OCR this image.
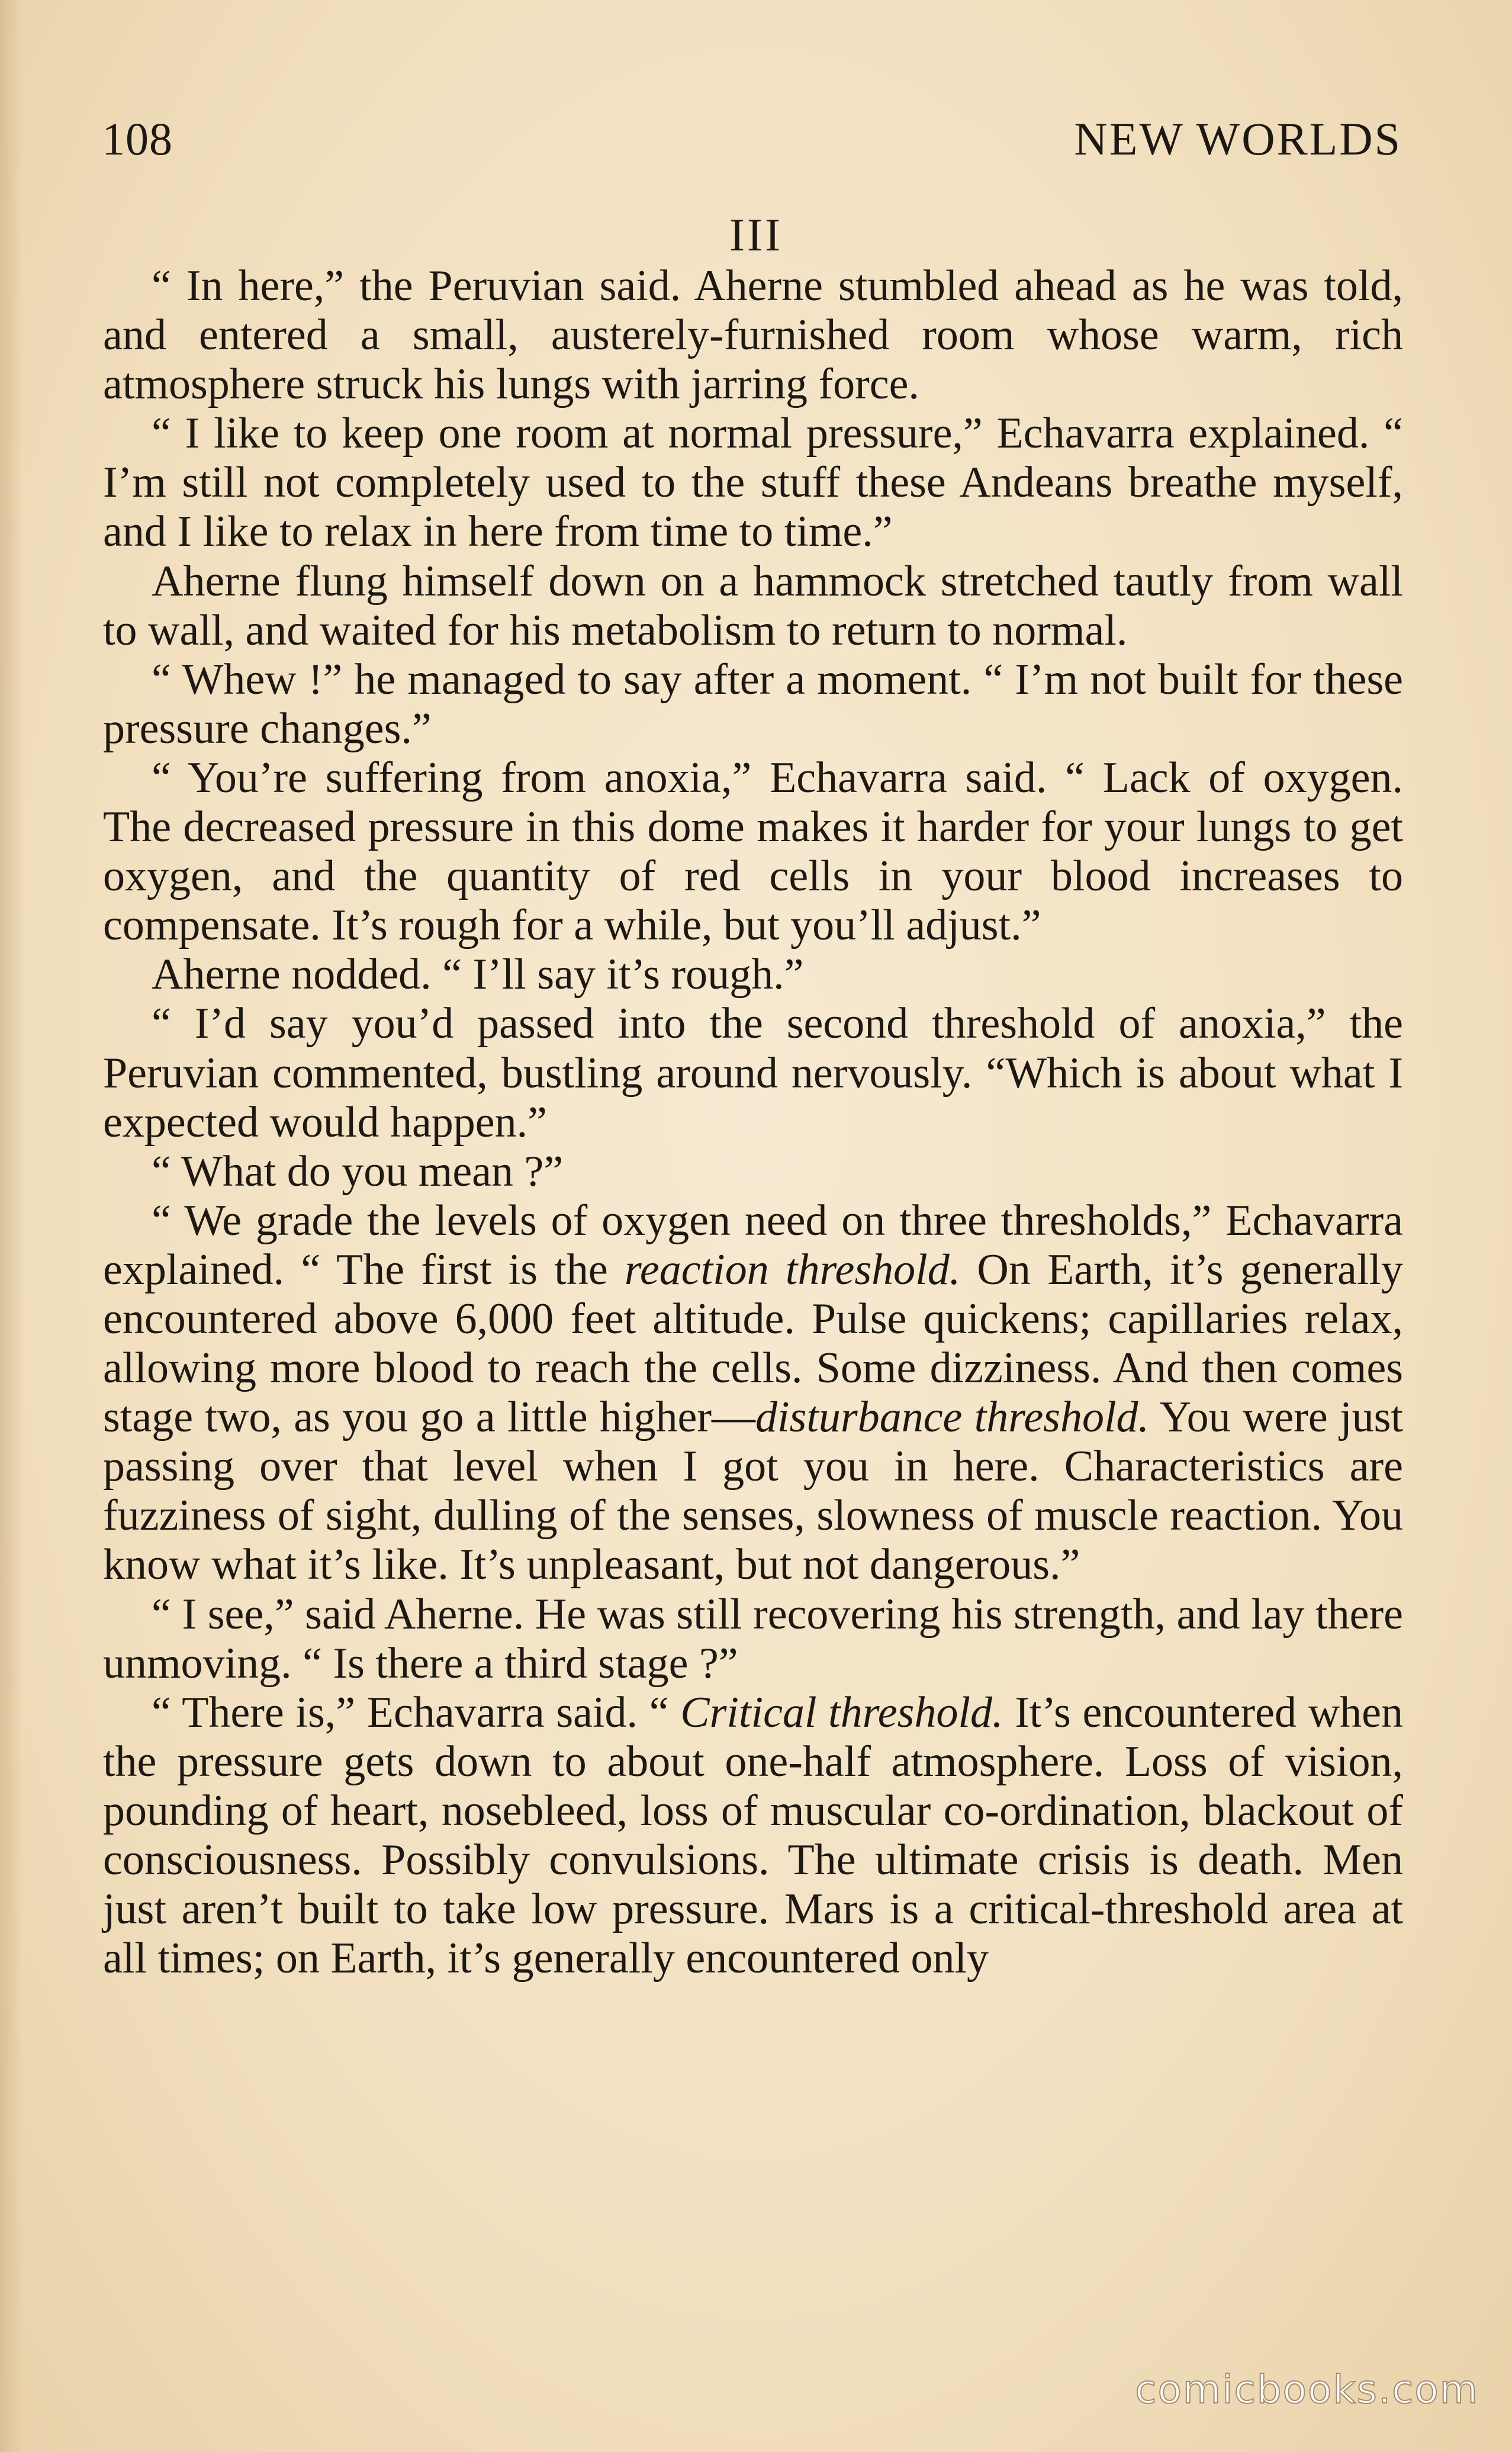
108	NEW WORLDS
III

“ In here,” the Peruvian said. Aherne stumbled ahead as he was told, and entered a small, austerely-furnished room whose warm, rich atmosphere struck his lungs with jarring force.

“ I like to keep one room at normal pressure,” Echavarra explained. “ I’m still not completely used to the stuff these Andeans breathe myself, and I like to relax in here from time to time.”

Aherne flung himself down on a hammock stretched tautly from wall to wall, and waited for his metabolism to return to normal.

“ Whew !” he managed to say after a moment. “ I’m not built for these pressure changes.”

“ You’re suffering from anoxia,” Echavarra said. “ Lack of oxygen. The decreased pressure in this dome makes it harder for your lungs to get oxygen, and the quantity of red cells in your blood increases to compensate. It’s rough for a while, but you’ll adjust.”

Aherne nodded. “ I’ll say it’s rough.”

“ I’d say you’d passed into the second threshold of anoxia,” the Peruvian commented, bustling around nervously. “Which is about what I expected would happen.”

“ What do you mean ?”

“ We grade the levels of oxygen need on three thresholds,” Echavarra explained. “ The first is the reaction threshold. On Earth, it’s generally encountered above 6,000 feet altitude. Pulse quickens; capillaries relax, allowing more blood to reach the cells. Some dizziness. And then comes stage two, as you go a little higher—disturbance threshold. You were just passing over that level when I got you in here. Characteristics are fuzziness of sight, dulling of the senses, slowness of muscle reaction. You know what it’s like. It’s unpleasant, but not dangerous.”

“ I see,” said Aherne. He was still recovering his strength, and lay there unmoving. “ Is there a third stage ?”

“ There is,” Echavarra said. “ Critical threshold. It’s encountered when the pressure gets down to about one-half atmosphere. Loss of vision, pounding of heart, nosebleed, loss of muscular co-ordination, blackout of consciousness. Possibly convulsions. The ultimate crisis is death. Men just aren’t built to take low pressure. Mars is a critical-threshold area at all times; on Earth, it’s generally encountered only

comicbooks.com
